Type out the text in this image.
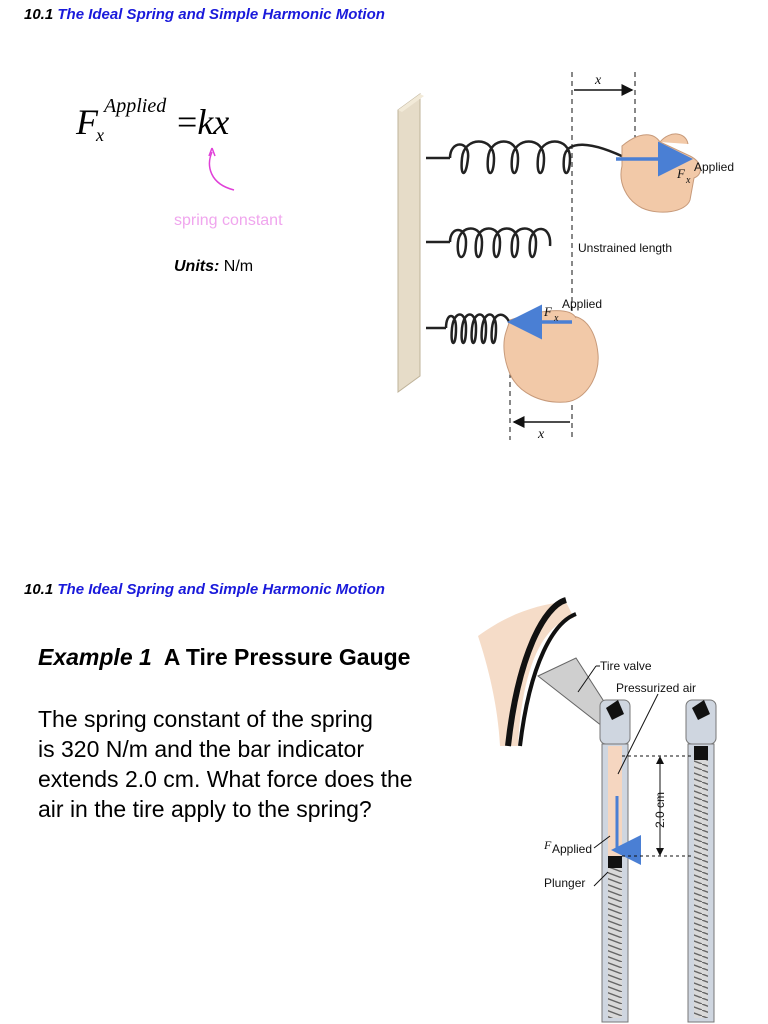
10.1 The Ideal Spring and Simple Harmonic Motion
F Applied
x =kx
spring constant
Units: N/m
x
x
F x
Applied
Unstrained length
F x
Applied
10.1 The Ideal Spring and Simple Harmonic Motion
Example 1 A Tire Pressure Gauge
The spring constant of the spring
is 320 N/m and the bar indicator
extends 2.0 cm. What force does the
air in the tire apply to the spring?	2.0 cm
Tire valve
Pressurized air
F Applied
Plunger
